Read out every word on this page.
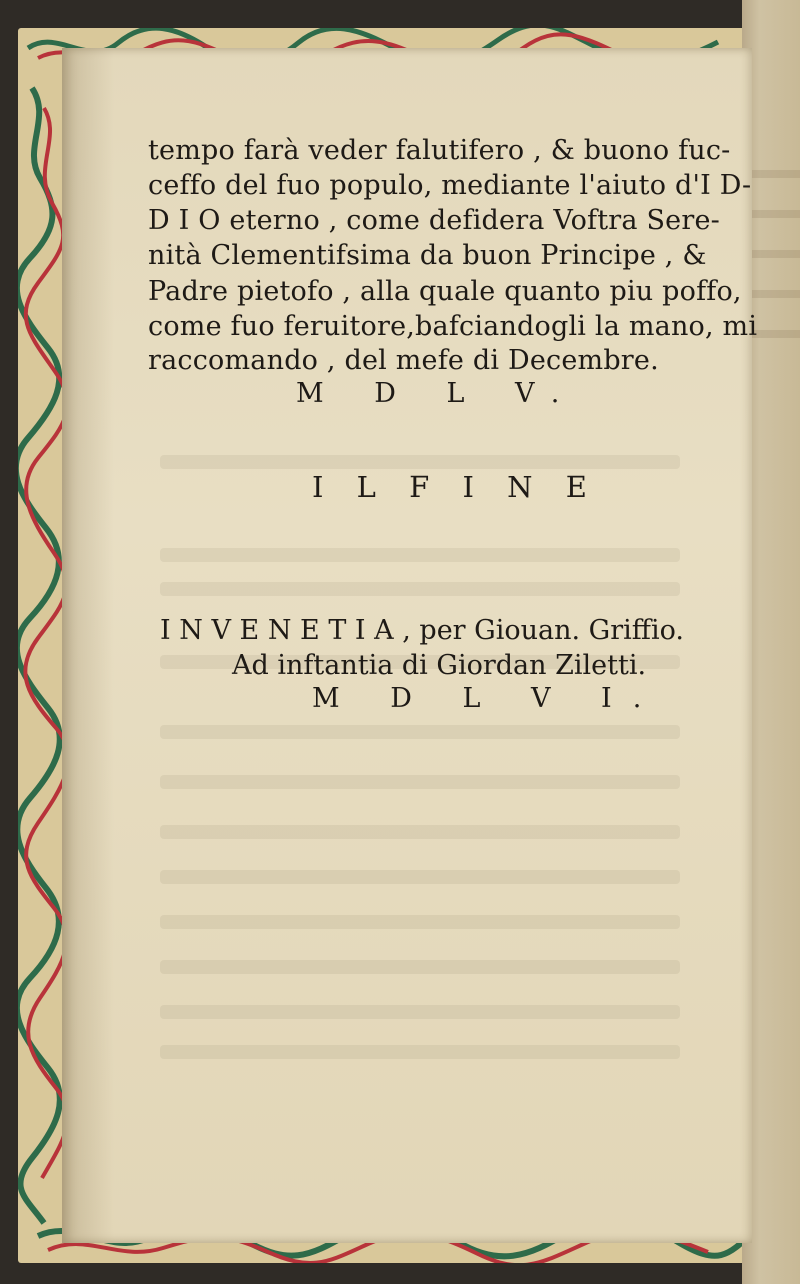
tempo farà veder falutifero , & buono fuc-
ceffo del fuo populo, mediante l'aiuto d'I D-
D I O eterno , come defidera Voftra Sere-
nità Clementifsima da buon Principe , &
Padre pietofo , alla quale quanto piu poffo,
come fuo feruitore,bafciandogli la mano, mi
raccomando , del mefe di Decembre.
M D L V.
I L F I N E
I N V E N E T I A , per Giouan. Griffio.
Ad inftantia di Giordan Ziletti.
M D L V I.
